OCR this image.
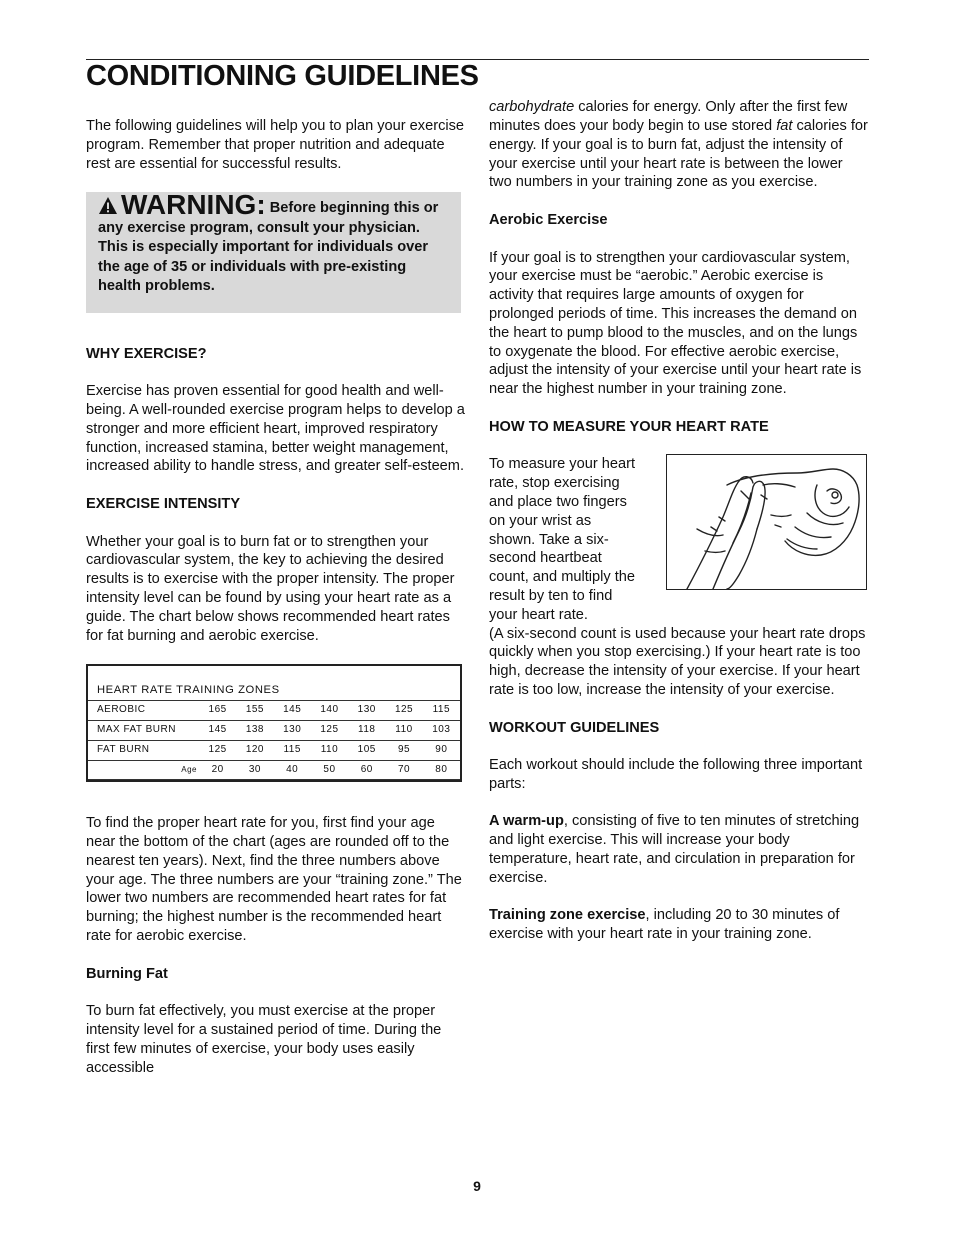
CONDITIONING GUIDELINES

The following guidelines will help you to plan your exercise program. Remember that proper nutrition and adequate rest are essential for successful results.

WARNING: Before beginning this or any exercise program, consult your physician. This is especially important for individuals over the age of 35 or individuals with pre-existing health problems.

WHY EXERCISE?

Exercise has proven essential for good health and well-being. A well-rounded exercise program helps to develop a stronger and more efficient heart, improved respiratory function, increased stamina, better weight management, increased ability to handle stress, and greater self-esteem.

EXERCISE INTENSITY

Whether your goal is to burn fat or to strengthen your cardiovascular system, the key to achieving the desired results is to exercise with the proper intensity. The proper intensity level can be found by using your heart rate as a guide. The chart below shows recommended heart rates for fat burning and aerobic exercise.

HEART RATE TRAINING ZONES
AEROBIC	165	155	145	140	130	125	115
MAX FAT BURN	145	138	130	125	118	110	103
FAT BURN	125	120	115	110	105	95	90
Age	20	30	40	50	60	70	80

To find the proper heart rate for you, first find your age near the bottom of the chart (ages are rounded off to the nearest ten years). Next, find the three numbers above your age. The three numbers are your “training zone.” The lower two numbers are recommended heart rates for fat burning; the highest number is the recommended heart rate for aerobic exercise.

Burning Fat

To burn fat effectively, you must exercise at the proper intensity level for a sustained period of time. During the first few minutes of exercise, your body uses easily accessible

carbohydrate calories for energy. Only after the first few minutes does your body begin to use stored fat calories for energy. If your goal is to burn fat, adjust the intensity of your exercise until your heart rate is between the lower two numbers in your training zone as you exercise.

Aerobic Exercise

If your goal is to strengthen your cardiovascular system, your exercise must be “aerobic.” Aerobic exercise is activity that requires large amounts of oxygen for prolonged periods of time. This increases the demand on the heart to pump blood to the muscles, and on the lungs to oxygenate the blood. For effective aerobic exercise, adjust the intensity of your exercise until your heart rate is near the highest number in your training zone.

HOW TO MEASURE YOUR HEART RATE

To measure your heart rate, stop exercising and place two fingers on your wrist as shown. Take a six-second heartbeat count, and multiply the result by ten to find your heart rate.

(A six-second count is used because your heart rate drops quickly when you stop exercising.) If your heart rate is too high, decrease the intensity of your exercise. If your heart rate is too low, increase the intensity of your exercise.

WORKOUT GUIDELINES

Each workout should include the following three important parts:

A warm-up, consisting of five to ten minutes of stretching and light exercise. This will increase your body temperature, heart rate, and circulation in preparation for exercise.

Training zone exercise, including 20 to 30 minutes of exercise with your heart rate in your training zone.

9
